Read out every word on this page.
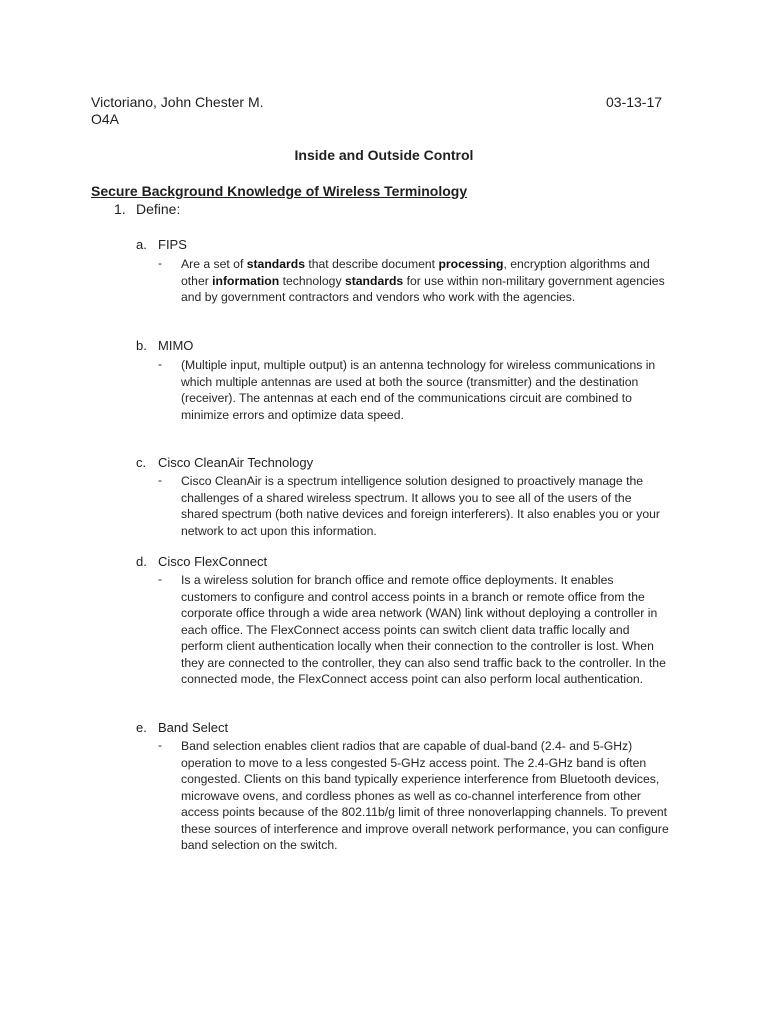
Victoriano, John Chester M.	03-13-17
O4A
Inside and Outside Control
Secure Background Knowledge of Wireless Terminology
1. Define:
a. FIPS
- Are a set of standards that describe document processing, encryption algorithms and other information technology standards for use within non-military government agencies and by government contractors and vendors who work with the agencies.
b. MIMO
- (Multiple input, multiple output) is an antenna technology for wireless communications in which multiple antennas are used at both the source (transmitter) and the destination (receiver). The antennas at each end of the communications circuit are combined to minimize errors and optimize data speed.
c. Cisco CleanAir Technology
- Cisco CleanAir is a spectrum intelligence solution designed to proactively manage the challenges of a shared wireless spectrum. It allows you to see all of the users of the shared spectrum (both native devices and foreign interferers). It also enables you or your network to act upon this information.
d. Cisco FlexConnect
- Is a wireless solution for branch office and remote office deployments. It enables customers to configure and control access points in a branch or remote office from the corporate office through a wide area network (WAN) link without deploying a controller in each office. The FlexConnect access points can switch client data traffic locally and perform client authentication locally when their connection to the controller is lost. When they are connected to the controller, they can also send traffic back to the controller. In the connected mode, the FlexConnect access point can also perform local authentication.
e. Band Select
- Band selection enables client radios that are capable of dual-band (2.4- and 5-GHz) operation to move to a less congested 5-GHz access point. The 2.4-GHz band is often congested. Clients on this band typically experience interference from Bluetooth devices, microwave ovens, and cordless phones as well as co-channel interference from other access points because of the 802.11b/g limit of three nonoverlapping channels. To prevent these sources of interference and improve overall network performance, you can configure band selection on the switch.
